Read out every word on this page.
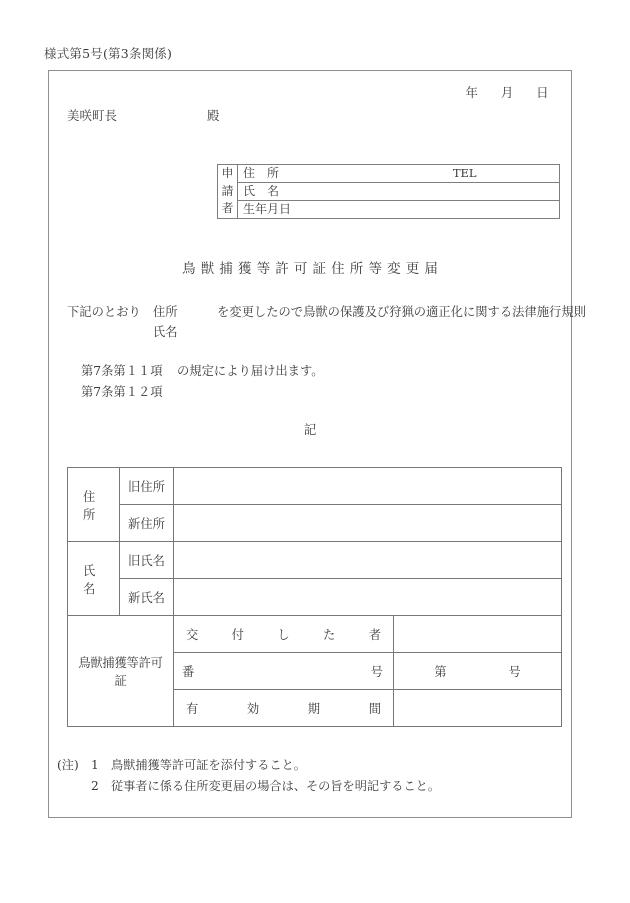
様式第5号(第3条関係)
年 月 日
美咲町長	殿
申	住　所 TEL
請	氏　名
者	生年月日
鳥獣捕獲等許可証住所等変更届
下記のとおり 住所	を変更したので鳥獣の保護及び狩猟の適正化に関する法律施行規則
氏名
第7条第１１項	の規定により届け出ます。
第7条第１２項
記
住　所	旧住所		
	新住所		
氏　名	旧氏名		
	新氏名		
鳥獣捕獲等許可証		交付した者	

		番 号	第 号

		有効期間	

(注)	1	鳥獣捕獲等許可証を添付すること。
2	従事者に係る住所変更届の場合は、その旨を明記すること。
